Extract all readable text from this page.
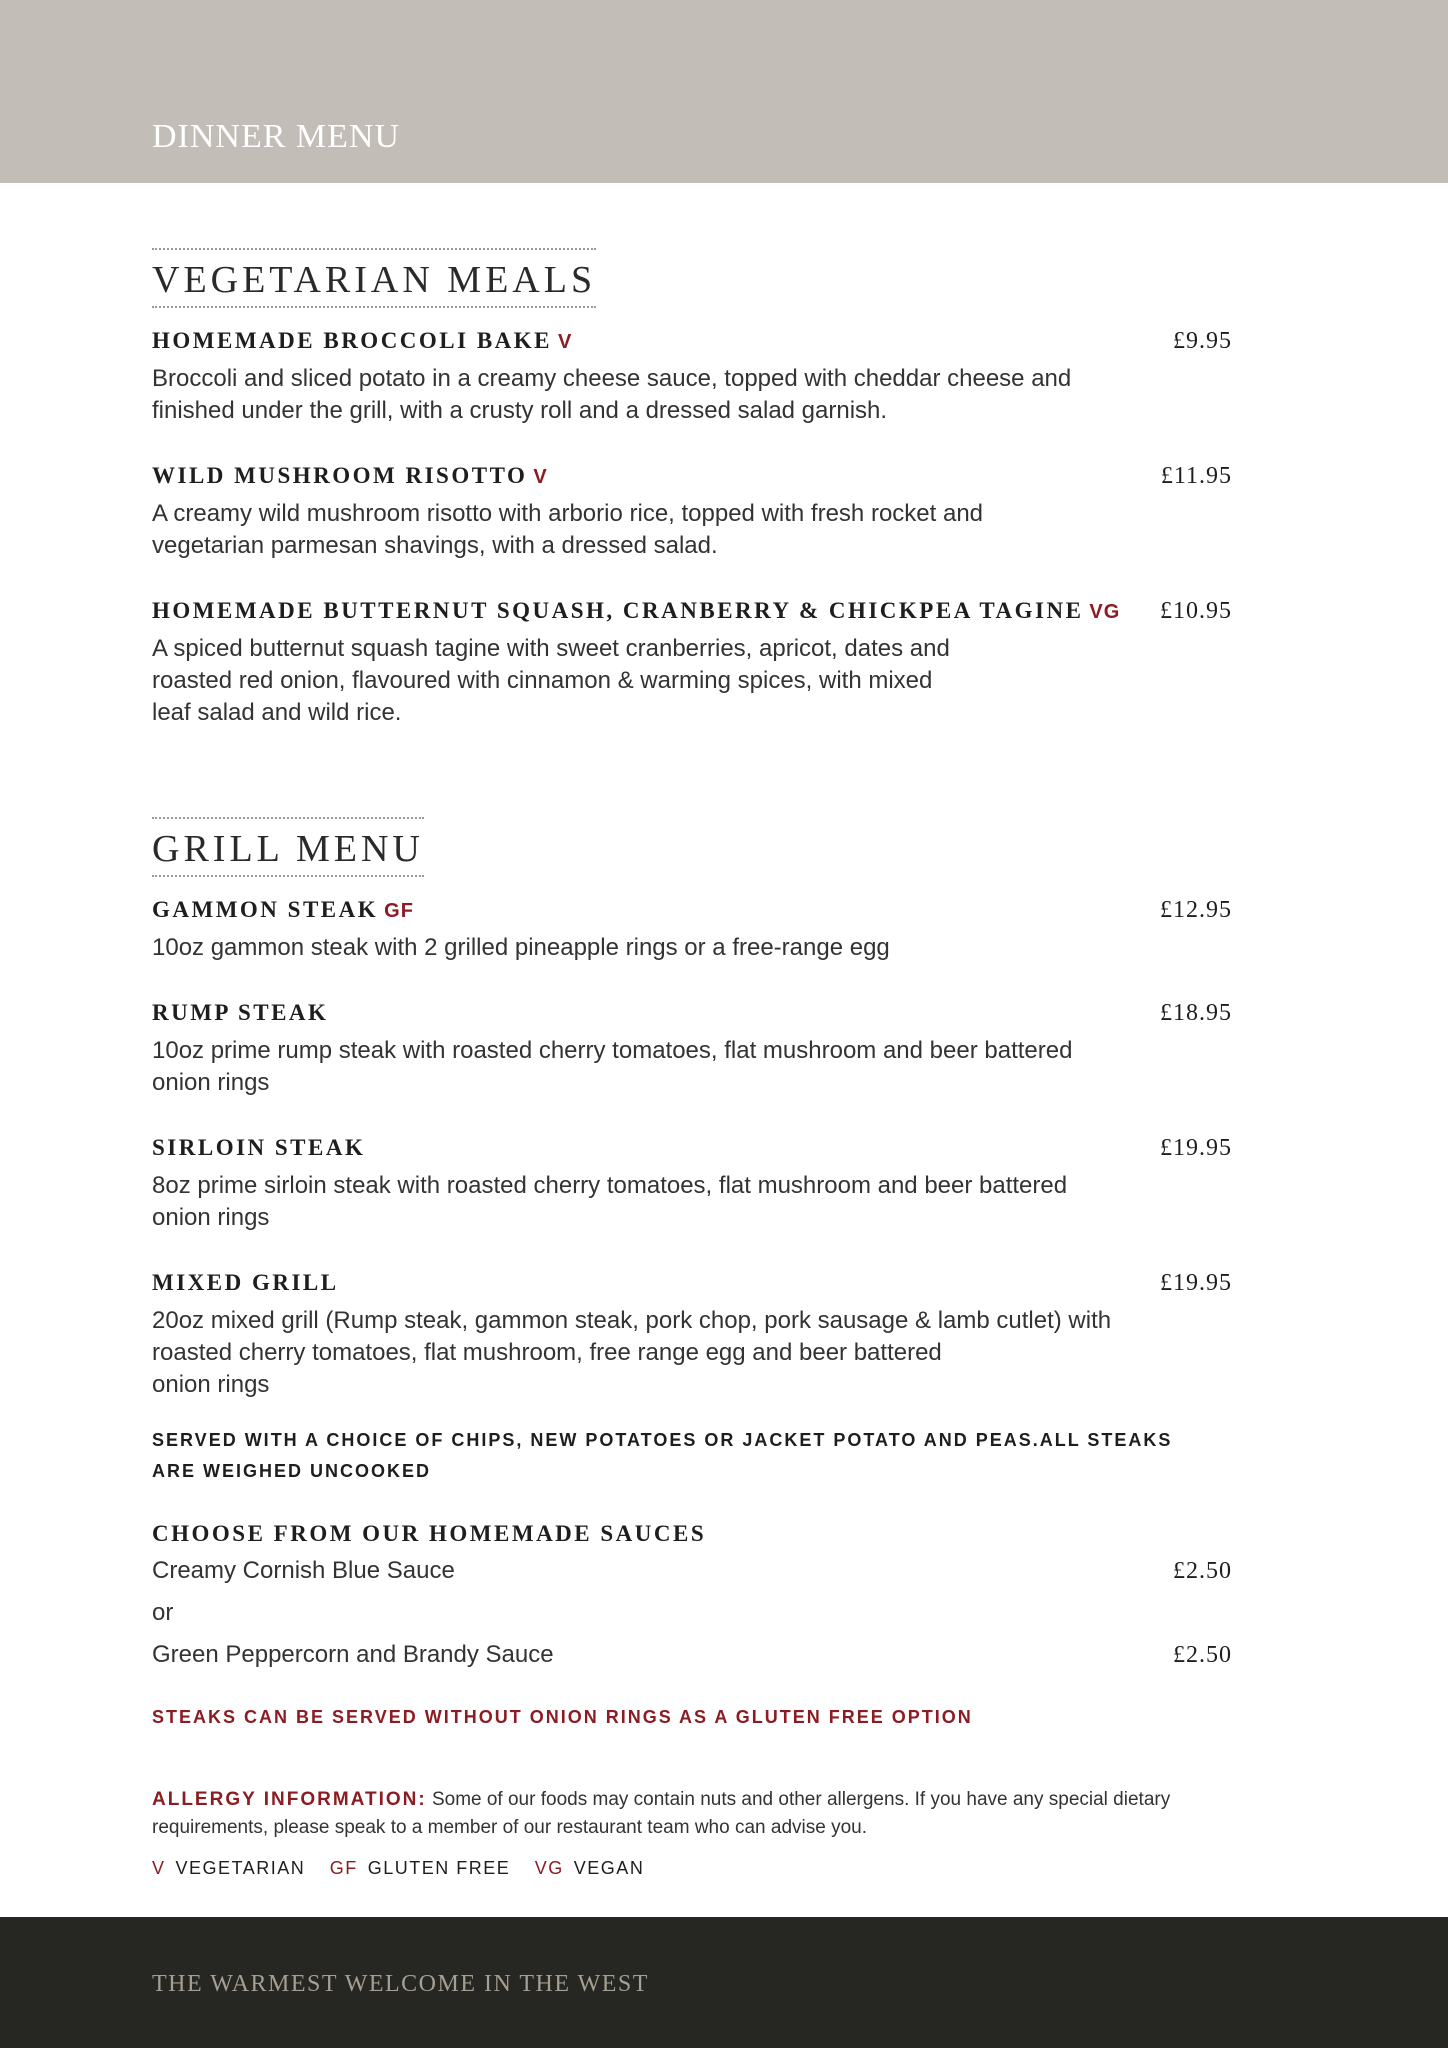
DINNER MENU
VEGETARIAN MEALS
HOMEMADE BROCCOLI BAKE V	£9.95
Broccoli and sliced potato in a creamy cheese sauce, topped with cheddar cheese and
finished under the grill, with a crusty roll and a dressed salad garnish.
WILD MUSHROOM RISOTTO V	£11.95
A creamy wild mushroom risotto with arborio rice, topped with fresh rocket and
vegetarian parmesan shavings, with a dressed salad.
HOMEMADE BUTTERNUT SQUASH, CRANBERRY & CHICKPEA TAGINE VG £10.95
A spiced butternut squash tagine with sweet cranberries, apricot, dates and
roasted red onion, flavoured with cinnamon & warming spices, with mixed
leaf salad and wild rice.
GRILL MENU
GAMMON STEAK GF	£12.95
10oz gammon steak with 2 grilled pineapple rings or a free-range egg
RUMP STEAK	£18.95
10oz prime rump steak with roasted cherry tomatoes, flat mushroom and beer battered
onion rings
SIRLOIN STEAK	£19.95
8oz prime sirloin steak with roasted cherry tomatoes, flat mushroom and beer battered
onion rings
MIXED GRILL	£19.95
20oz mixed grill (Rump steak, gammon steak, pork chop, pork sausage & lamb cutlet) with
roasted cherry tomatoes, flat mushroom, free range egg and beer battered
onion rings
SERVED WITH A CHOICE OF CHIPS, NEW POTATOES OR JACKET POTATO AND PEAS.ALL STEAKS ARE WEIGHED UNCOOKED
CHOOSE FROM OUR HOMEMADE SAUCES
Creamy Cornish Blue Sauce	£2.50
or
Green Peppercorn and Brandy Sauce	£2.50
STEAKS CAN BE SERVED WITHOUT ONION RINGS AS A GLUTEN FREE OPTION
ALLERGY INFORMATION: Some of our foods may contain nuts and other allergens. If you have any special dietary requirements, please speak to a member of our restaurant team who can advise you.
V VEGETARIAN GF GLUTEN FREE VG VEGAN
THE WARMEST WELCOME IN THE WEST
